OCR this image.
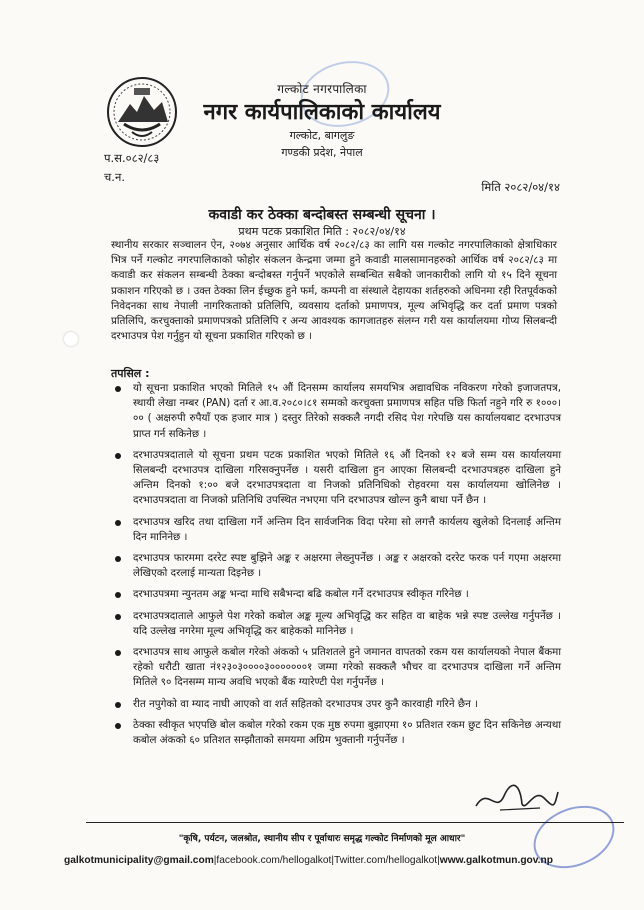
गल्कोट नगरपालिका
नगर कार्यपालिकाको कार्यालय
गल्कोट, बागलुङ
गण्डकी प्रदेश, नेपाल
प.स.०८२/८३
च.न.
मिति २०८२/०४/१४
कवाडी कर ठेक्का बन्दोबस्त सम्बन्धी सूचना ।
प्रथम पटक प्रकाशित मिति : २०८२/०४/१४
स्थानीय सरकार सञ्चालन ऐन, २०७४ अनुसार आर्थिक वर्ष २०८२/८३ का लागि यस गल्कोट नगरपालिकाको क्षेत्राधिकार भित्र पर्ने गल्कोट नगरपालिकाको फोहोर संकलन केन्द्रमा जम्मा हुने कवाडी मालसामानहरुको आर्थिक वर्ष २०८२/८३ मा कवाडी कर संकलन सम्बन्धी ठेक्का बन्दोबस्त गर्नुपर्ने भएकोले सम्बन्धित सबैको जानकारीको लागि यो १५ दिने सूचना प्रकाशन गरिएको छ । उक्त ठेक्का लिन ईच्छुक हुने फर्म, कम्पनी वा संस्थाले देहायका शर्तहरुको अधिनमा रही रितपूर्वकको निवेदनका साथ नेपाली नागरिकताको प्रतिलिपि, व्यवसाय दर्ताको प्रमाणपत्र, मूल्य अभिवृद्धि कर दर्ता प्रमाण पत्रको प्रतिलिपि, करचुक्ताको प्रमाणपत्रको प्रतिलिपि र अन्य आवश्यक कागजातहरु संलग्न गरी यस कार्यालयमा गोप्य सिलबन्दी दरभाउपत्र पेश गर्नुहुन यो सूचना प्रकाशित गरिएको छ ।
तपसिल :
यो सूचना प्रकाशित भएको मितिले १५ औं दिनसम्म कार्यालय समयभित्र अद्यावधिक नविकरण गरेको इजाजतपत्र, स्थायी लेखा नम्बर (PAN) दर्ता र आ.व.२०८०।८१ सम्मको करचुक्ता प्रमाणपत्र सहित पछि फिर्ता नहुने गरि रु १०००।०० ( अक्षरुपी रुपैयाँ एक हजार मात्र ) दस्तुर तिरेको सक्कलै नगदी रसिद पेश गरेपछि यस कार्यालयबाट दरभाउपत्र प्राप्त गर्न सकिनेछ ।
दरभाउपत्रदाताले यो सूचना प्रथम पटक प्रकाशित भएको मितिले १६ औं दिनको १२ बजे सम्म यस कार्यालयमा सिलबन्दी दरभाउपत्र दाखिला गरिसक्नुपर्नेछ । यसरी दाखिला हुन आएका सिलबन्दी दरभाउपत्रहरु दाखिला हुने अन्तिम दिनको १:०० बजे दरभाउपत्रदाता वा निजको प्रतिनिधिको रोहवरमा यस कार्यालयमा खोलिनेछ । दरभाउपत्रदाता वा निजको प्रतिनिधि उपस्थित नभएमा पनि दरभाउपत्र खोल्न कुनै बाधा पर्ने छैन ।
दरभाउपत्र खरिद तथा दाखिला गर्ने अन्तिम दिन सार्वजनिक विदा परेमा सो लगत्तै कार्यलय खुलेको दिनलाई अन्तिम दिन मानिनेछ ।
दरभाउपत्र फारममा दररेट स्पष्ट बुझिने अङ्क र अक्षरमा लेख्नुपर्नेछ । अङ्क र अक्षरको दररेट फरक पर्न गएमा अक्षरमा लेखिएको दरलाई मान्यता दिइनेछ ।
दरभाउपत्रमा न्युनतम अङ्क भन्दा माथि सबैभन्दा बढि कबोल गर्ने दरभाउपत्र स्वीकृत गरिनेछ ।
दरभाउपत्रदाताले आफुले पेश गरेको कबोल अङ्क मूल्य अभिवृद्धि कर सहित वा बाहेक भन्ने स्पष्ट उल्लेख गर्नुपर्नेछ । यदि उल्लेख नगरेमा मूल्य अभिवृद्धि कर बाहेकको मानिनेछ ।
दरभाउपत्र साथ आफुले कबोल गरेको अंकको ५ प्रतिशतले हुने जमानत वापतको रकम यस कार्यालयको नेपाल बैंकमा रहेको धरौटी खाता नं१२३०३००००३०००००००१ जम्मा गरेको सक्कलै भौचर वा दरभाउपत्र दाखिला गर्ने अन्तिम मितिले ९० दिनसम्म मान्य अवधि भएको बैंक ग्यारेण्टी पेश गर्नुपर्नेछ ।
रीत नपुगेको वा म्याद नाघी आएको वा शर्त सहितको दरभाउपत्र उपर कुनै कारवाही गरिने छैन ।
ठेक्का स्वीकृत भएपछि बोल कबोल गरेको रकम एक मुष्ठ रुपमा बुझाएमा १० प्रतिशत रकम छुट दिन सकिनेछ अन्यथा कबोल अंकको ६० प्रतिशत सम्झौताको समयमा अग्रिम भुक्तानी गर्नुपर्नेछ ।
"कृषि, पर्यटन, जलश्रोत, स्थानीय सीप र पूर्वाधारः समृद्ध गल्कोट निर्माणको मूल आधार"
galkotmunicipality@gmail.com|facebook.com/hellogalkot|Twitter.com/hellogalkot|www.galkotmun.gov.np
